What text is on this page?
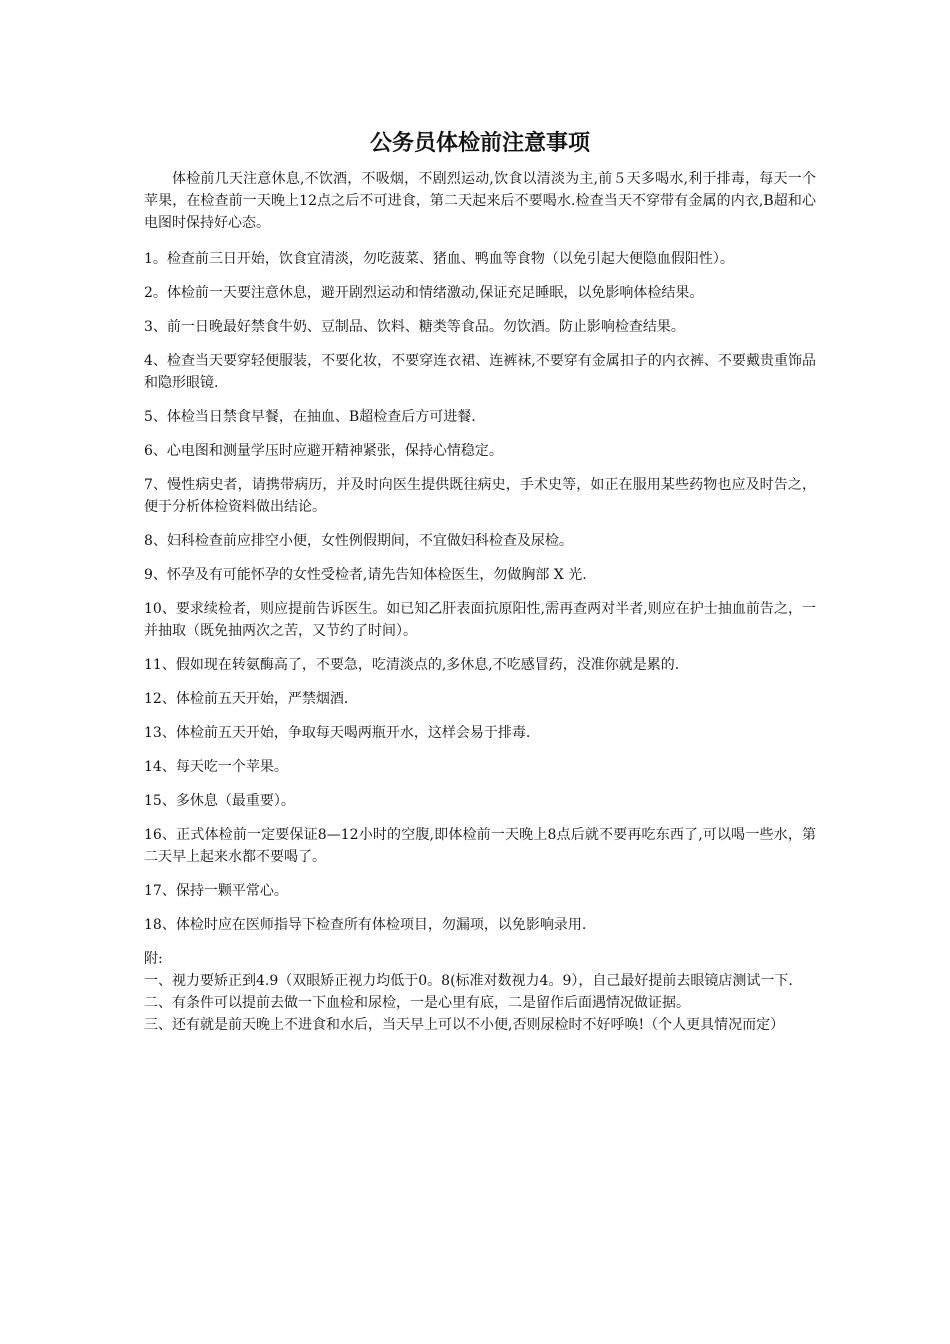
公务员体检前注意事项

体检前几天注意休息,不饮酒，不吸烟，不剧烈运动,饮食以清淡为主,前５天多喝水,利于排毒，每天一个苹果，在检查前一天晚上12点之后不可进食，第二天起来后不要喝水.检查当天不穿带有金属的内衣,B超和心电图时保持好心态。

1。检查前三日开始，饮食宜清淡，勿吃菠菜、猪血、鸭血等食物（以免引起大便隐血假阳性）。

2。体检前一天要注意休息，避开剧烈运动和情绪激动,保证充足睡眠，以免影响体检结果。

3、前一日晚最好禁食牛奶、豆制品、饮料、糖类等食品。勿饮酒。防止影响检查结果。

4、检查当天要穿轻便服装，不要化妆，不要穿连衣裙、连裤袜,不要穿有金属扣子的内衣裤、不要戴贵重饰品和隐形眼镜.

5、体检当日禁食早餐，在抽血、B超检查后方可进餐.

6、心电图和测量学压时应避开精神紧张，保持心情稳定。

7、慢性病史者，请携带病历，并及时向医生提供既往病史，手术史等，如正在服用某些药物也应及时告之，便于分析体检资料做出结论。

8、妇科检查前应排空小便，女性例假期间，不宜做妇科检查及尿检。

9、怀孕及有可能怀孕的女性受检者,请先告知体检医生，勿做胸部 X 光.

10、要求续检者，则应提前告诉医生。如已知乙肝表面抗原阳性,需再查两对半者,则应在护士抽血前告之，一并抽取（既免抽两次之苦，又节约了时间）。

11、假如现在转氨酶高了，不要急，吃清淡点的,多休息,不吃感冒药，没准你就是累的.

12、体检前五天开始，严禁烟酒.

13、体检前五天开始，争取每天喝两瓶开水，这样会易于排毒.

14、每天吃一个苹果。

15、多休息（最重要）。

16、正式体检前一定要保证8—12小时的空腹,即体检前一天晚上8点后就不要再吃东西了,可以喝一些水，第二天早上起来水都不要喝了。

17、保持一颗平常心。

18、体检时应在医师指导下检查所有体检项目，勿漏项，以免影响录用.

附:

一、视力要矫正到4.9（双眼矫正视力均低于0。8(标准对数视力4。9），自己最好提前去眼镜店测试一下.

二、有条件可以提前去做一下血检和尿检，一是心里有底，二是留作后面遇情况做证据。

三、还有就是前天晚上不进食和水后，当天早上可以不小便,否则尿检时不好呼唤!（个人更具情况而定）
